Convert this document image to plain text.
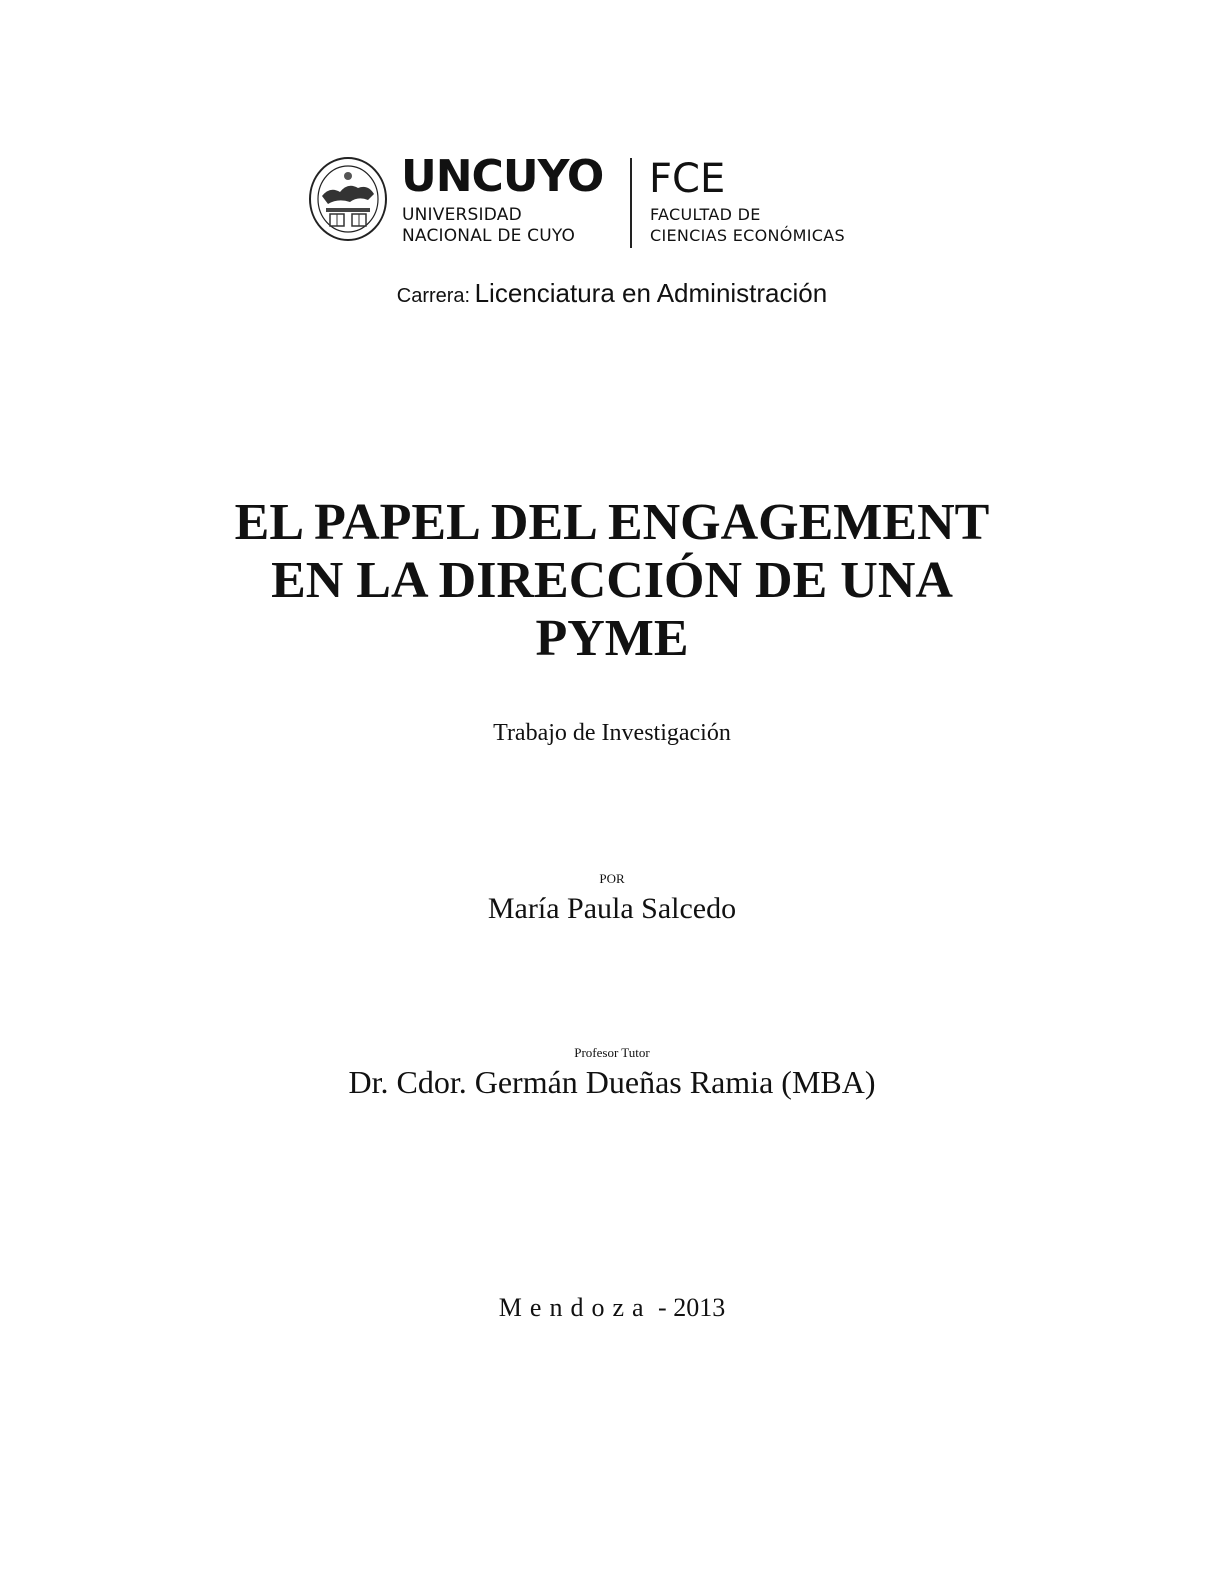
UNCUYO
UNIVERSIDAD
NACIONAL DE CUYO
FCE
FACULTAD DE
CIENCIAS ECONÓMICAS
Carrera: Licenciatura en Administración
EL PAPEL DEL ENGAGEMENT
EN LA DIRECCIÓN DE UNA
PYME
Trabajo de Investigación
POR
María Paula Salcedo
Profesor Tutor
Dr. Cdor. Germán Dueñas Ramia (MBA)
Mendoza - 2013
